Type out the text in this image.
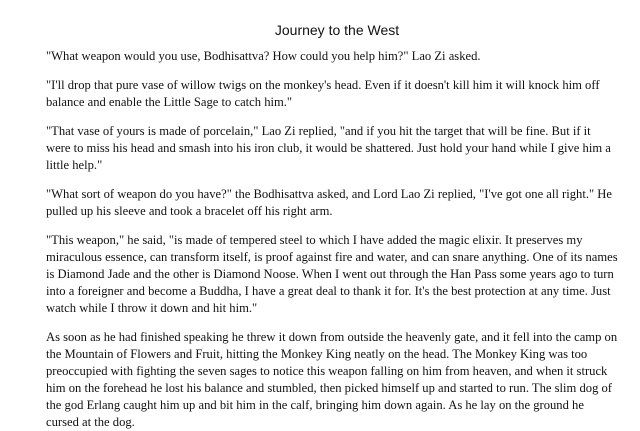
Journey to the West

"What weapon would you use, Bodhisattva? How could you help him?" Lao Zi asked.

"I'll drop that pure vase of willow twigs on the monkey's head. Even if it doesn't kill him it will knock him off balance and enable the Little Sage to catch him."

"That vase of yours is made of porcelain," Lao Zi replied, "and if you hit the target that will be fine. But if it were to miss his head and smash into his iron club, it would be shattered. Just hold your hand while I give him a little help."

"What sort of weapon do you have?" the Bodhisattva asked, and Lord Lao Zi replied, "I've got one all right." He pulled up his sleeve and took a bracelet off his right arm.

"This weapon," he said, "is made of tempered steel to which I have added the magic elixir. It preserves my miraculous essence, can transform itself, is proof against fire and water, and can snare anything. One of its names is Diamond Jade and the other is Diamond Noose. When I went out through the Han Pass some years ago to turn into a foreigner and become a Buddha, I have a great deal to thank it for. It's the best protection at any time. Just watch while I throw it down and hit him."

As soon as he had finished speaking he threw it down from outside the heavenly gate, and it fell into the camp on the Mountain of Flowers and Fruit, hitting the Monkey King neatly on the head. The Monkey King was too preoccupied with fighting the seven sages to notice this weapon falling on him from heaven, and when it struck him on the forehead he lost his balance and stumbled, then picked himself up and started to run. The slim dog of the god Erlang caught him up and bit him in the calf, bringing him down again. As he lay on the ground he cursed at the dog.
